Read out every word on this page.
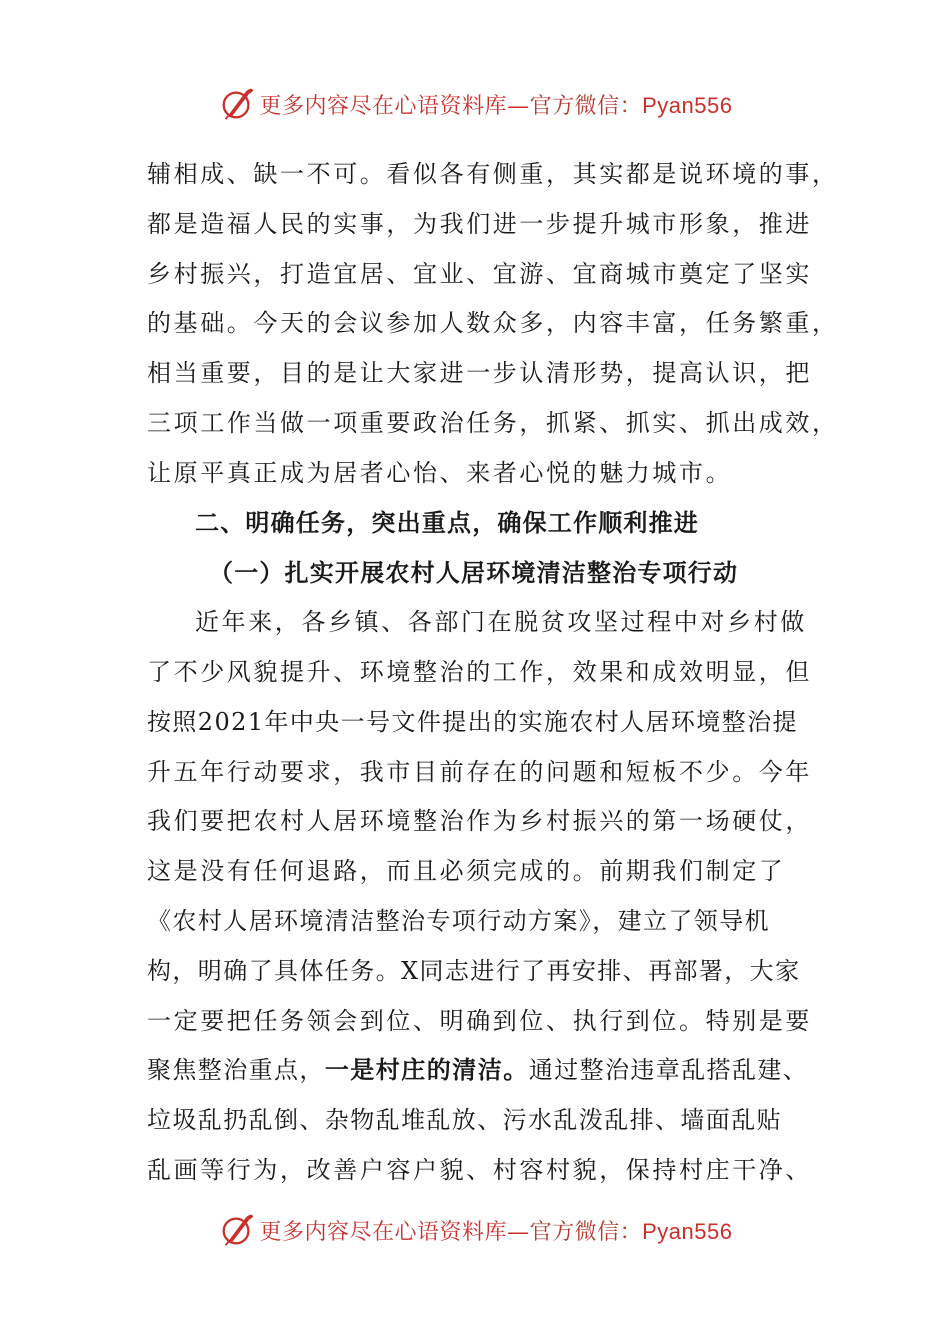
更多内容尽在心语资料库—官方微信：Pyan556
辅相成、缺一不可。看似各有侧重，其实都是说环境的事，
都是造福人民的实事，为我们进一步提升城市形象，推进
乡村振兴，打造宜居、宜业、宜游、宜商城市奠定了坚实
的基础。今天的会议参加人数众多，内容丰富，任务繁重，
相当重要，目的是让大家进一步认清形势，提高认识，把
三项工作当做一项重要政治任务，抓紧、抓实、抓出成效，
让原平真正成为居者心怡、来者心悦的魅力城市。
二、明确任务，突出重点，确保工作顺利推进
（一）扎实开展农村人居环境清洁整治专项行动
近年来，各乡镇、各部门在脱贫攻坚过程中对乡村做
了不少风貌提升、环境整治的工作，效果和成效明显，但
按照2021年中央一号文件提出的实施农村人居环境整治提
升五年行动要求，我市目前存在的问题和短板不少。今年
我们要把农村人居环境整治作为乡村振兴的第一场硬仗，
这是没有任何退路，而且必须完成的。前期我们制定了
《农村人居环境清洁整治专项行动方案》，建立了领导机
构，明确了具体任务。X同志进行了再安排、再部署，大家
一定要把任务领会到位、明确到位、执行到位。特别是要
聚焦整治重点，一是村庄的清洁。通过整治违章乱搭乱建、
垃圾乱扔乱倒、杂物乱堆乱放、污水乱泼乱排、墙面乱贴
乱画等行为，改善户容户貌、村容村貌，保持村庄干净、
更多内容尽在心语资料库—官方微信：Pyan556
